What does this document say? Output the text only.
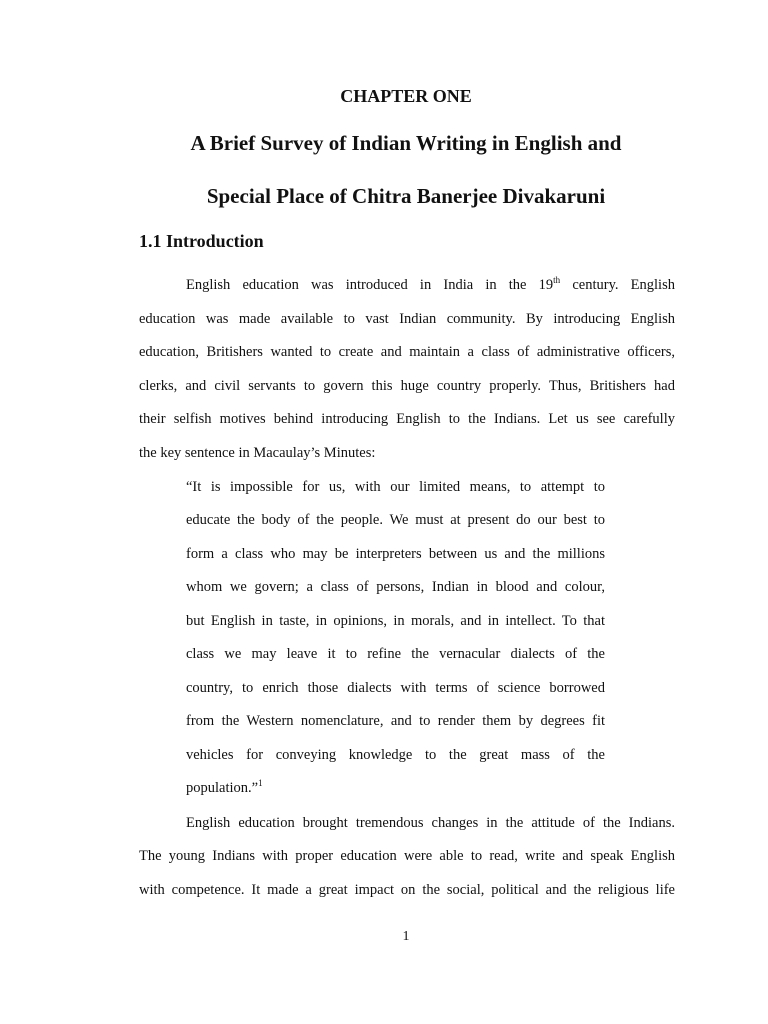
CHAPTER ONE
A Brief Survey of Indian Writing in English and
Special Place of Chitra Banerjee Divakaruni
1.1 Introduction
English education was introduced in India in the 19th century. English
education was made available to vast Indian community. By introducing English
education, Britishers wanted to create and maintain a class of administrative officers,
clerks, and civil servants to govern this huge country properly. Thus, Britishers had
their selfish motives behind introducing English to the Indians. Let us see carefully
the key sentence in Macaulay’s Minutes:
“It is impossible for us, with our limited means, to attempt to
educate the body of the people. We must at present do our best to
form a class who may be interpreters between us and the millions
whom we govern; a class of persons, Indian in blood and colour,
but English in taste, in opinions, in morals, and in intellect. To that
class we may leave it to refine the vernacular dialects of the
country, to enrich those dialects with terms of science borrowed
from the Western nomenclature, and to render them by degrees fit
vehicles for conveying knowledge to the great mass of the
population.”$^1$
English education brought tremendous changes in the attitude of the Indians.
The young Indians with proper education were able to read, write and speak English
with competence. It made a great impact on the social, political and the religious life
1
